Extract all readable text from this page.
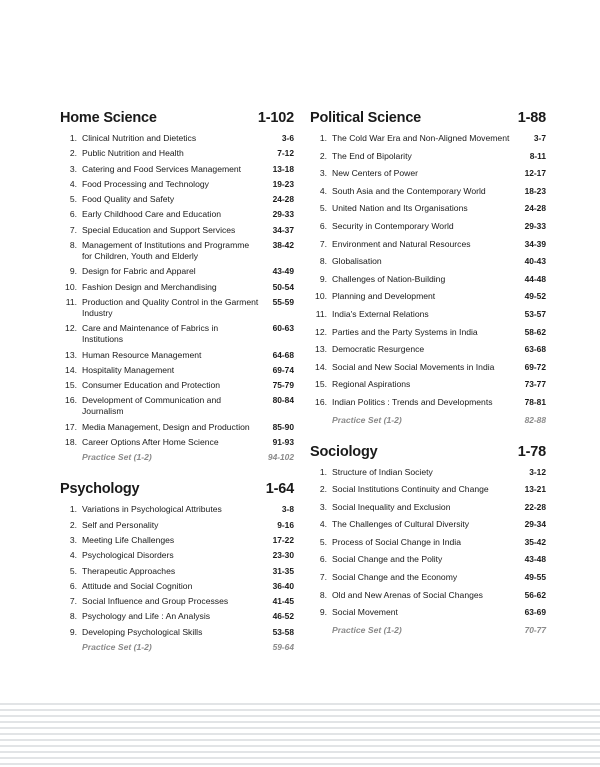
Home Science	1-102
1. Clinical Nutrition and Dietetics	3-6
2. Public Nutrition and Health	7-12
3. Catering and Food Services Management	13-18
4. Food Processing and Technology	19-23
5. Food Quality and Safety	24-28
6. Early Childhood Care and Education	29-33
7. Special Education and Support Services	34-37
8. Management of Institutions and Programme for Children, Youth and Elderly
38-42
9. Design for Fabric and Apparel	43-49
10. Fashion Design and Merchandising	50-54
11. Production and Quality Control in the Garment Industry
55-59
12. Care and Maintenance of Fabrics in Institutions
60-63
13. Human Resource Management	64-68
14. Hospitality Management	69-74
15. Consumer Education and Protection	75-79
16. Development of Communication and Journalism
80-84
17. Media Management, Design and Production	85-90
18. Career Options After Home Science	91-93
Practice Set (1-2)	94-102
Psychology	1-64
1. Variations in Psychological Attributes	3-8
2. Self and Personality	9-16
3. Meeting Life Challenges	17-22
4. Psychological Disorders	23-30
5. Therapeutic Approaches	31-35
6. Attitude and Social Cognition	36-40
7. Social Influence and Group Processes	41-45
8. Psychology and Life : An Analysis	46-52
9. Developing Psychological Skills	53-58
Practice Set (1-2)	59-64
Political Science	1-88
1. The Cold War Era and Non-Aligned Movement	3-7
2. The End of Bipolarity	8-11
3. New Centers of Power	12-17
4. South Asia and the Contemporary World	18-23
5. United Nation and Its Organisations	24-28
6. Security in Contemporary World	29-33
7. Environment and Natural Resources	34-39
8. Globalisation	40-43
9. Challenges of Nation-Building	44-48
10. Planning and Development	49-52
11. India's External Relations	53-57
12. Parties and the Party Systems in India	58-62
13. Democratic Resurgence	63-68
14. Social and New Social Movements in India	69-72
15. Regional Aspirations	73-77
16. Indian Politics : Trends and Developments	78-81
Practice Set (1-2)	82-88
Sociology	1-78
1. Structure of Indian Society	3-12
2. Social Institutions Continuity and Change	13-21
3. Social Inequality and Exclusion	22-28
4. The Challenges of Cultural Diversity	29-34
5. Process of Social Change in India	35-42
6. Social Change and the Polity	43-48
7. Social Change and the Economy	49-55
8. Old and New Arenas of Social Changes	56-62
9. Social Movement	63-69
Practice Set (1-2)	70-77
